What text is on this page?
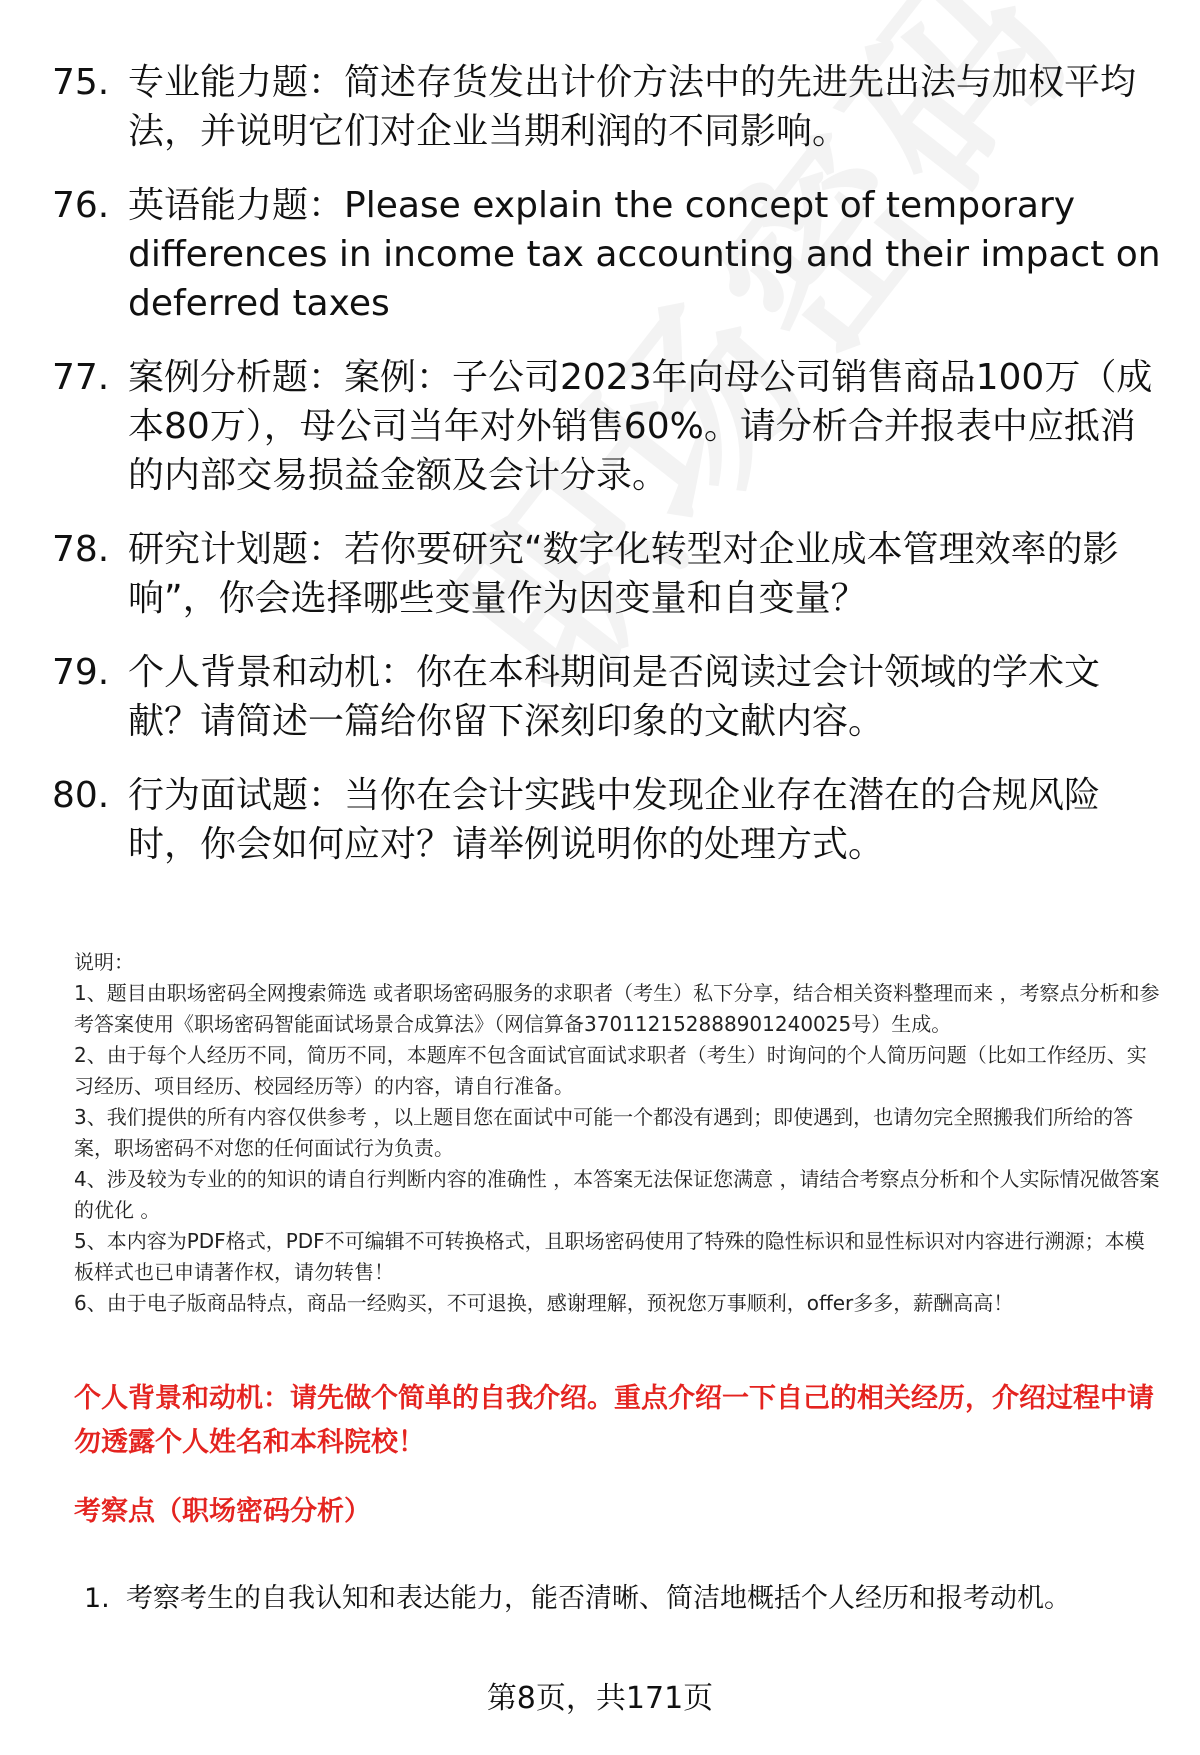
75. 专业能力题：简述存货发出计价方法中的先进先出法与加权平均法，并说明它们对企业当期利润的不同影响。
76. 英语能力题：Please explain the concept of temporary differences in income tax accounting and their impact on deferred taxes
77. 案例分析题：案例：子公司2023年向母公司销售商品100万（成本80万），母公司当年对外销售60%。请分析合并报表中应抵消的内部交易损益金额及会计分录。
78. 研究计划题：若你要研究“数字化转型对企业成本管理效率的影响”，你会选择哪些变量作为因变量和自变量？
79. 个人背景和动机：你在本科期间是否阅读过会计领域的学术文献？请简述一篇给你留下深刻印象的文献内容。
80. 行为面试题：当你在会计实践中发现企业存在潜在的合规风险时，你会如何应对？请举例说明你的处理方式。

说明：

1、题目由职场密码全网搜索筛选 或者职场密码服务的求职者（考生）私下分享，结合相关资料整理而来 ，考察点分析和参考答案使用《职场密码智能面试场景合成算法》（网信算备370112152888901240025号）生成。

2、由于每个人经历不同，简历不同，本题库不包含面试官面试求职者（考生）时询问的个人简历问题（比如工作经历、实习经历、项目经历、校园经历等）的内容，请自行准备。

3、我们提供的所有内容仅供参考 ，以上题目您在面试中可能一个都没有遇到；即使遇到，也请勿完全照搬我们所给的答案，职场密码不对您的任何面试行为负责。

4、涉及较为专业的的知识的请自行判断内容的准确性 ，本答案无法保证您满意 ，请结合考察点分析和个人实际情况做答案的优化 。

5、本内容为PDF格式，PDF不可编辑不可转换格式，且职场密码使用了特殊的隐性标识和显性标识对内容进行溯源；本模板样式也已申请著作权，请勿转售！

6、由于电子版商品特点，商品一经购买，不可退换，感谢理解，预祝您万事顺利，offer多多，薪酬高高！

个人背景和动机：请先做个简单的自我介绍。重点介绍一下自己的相关经历，介绍过程中请勿透露个人姓名和本科院校！
考察点（职场密码分析）
1. 考察考生的自我认知和表达能力，能否清晰、简洁地概括个人经历和报考动机。
第8页，共171页
